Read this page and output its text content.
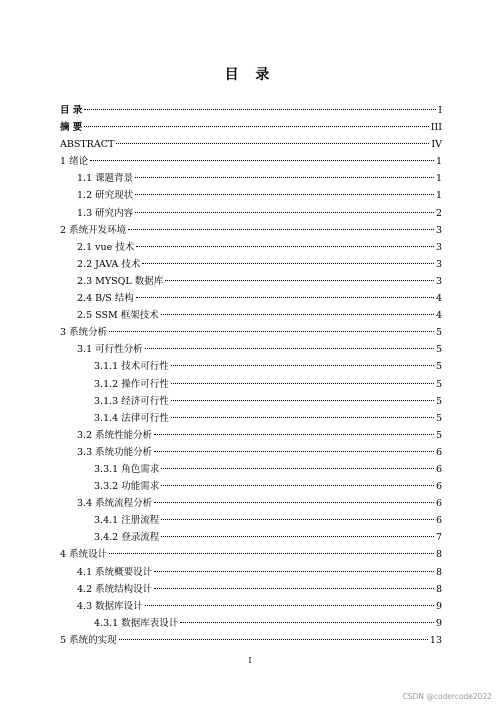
目 录
目 录	I
摘 要	III
ABSTRACT	IV
1 绪论	1
1.1 课题背景	1
1.2 研究现状	1
1.3 研究内容	2
2 系统开发环境	3
2.1 vue 技术	3
2.2 JAVA 技术	3
2.3 MYSQL 数据库	3
2.4 B/S 结构	4
2.5 SSM 框架技术	4
3 系统分析	5
3.1 可行性分析	5
3.1.1 技术可行性	5
3.1.2 操作可行性	5
3.1.3 经济可行性	5
3.1.4 法律可行性	5
3.2 系统性能分析	5
3.3 系统功能分析	6
3.3.1 角色需求	6
3.3.2 功能需求	6
3.4 系统流程分析	6
3.4.1 注册流程	6
3.4.2 登录流程	7
4 系统设计	8
4.1 系统概要设计	8
4.2 系统结构设计	8
4.3 数据库设计	9
4.3.1 数据库表设计	9
5 系统的实现	13
I
CSDN @codercode2022
